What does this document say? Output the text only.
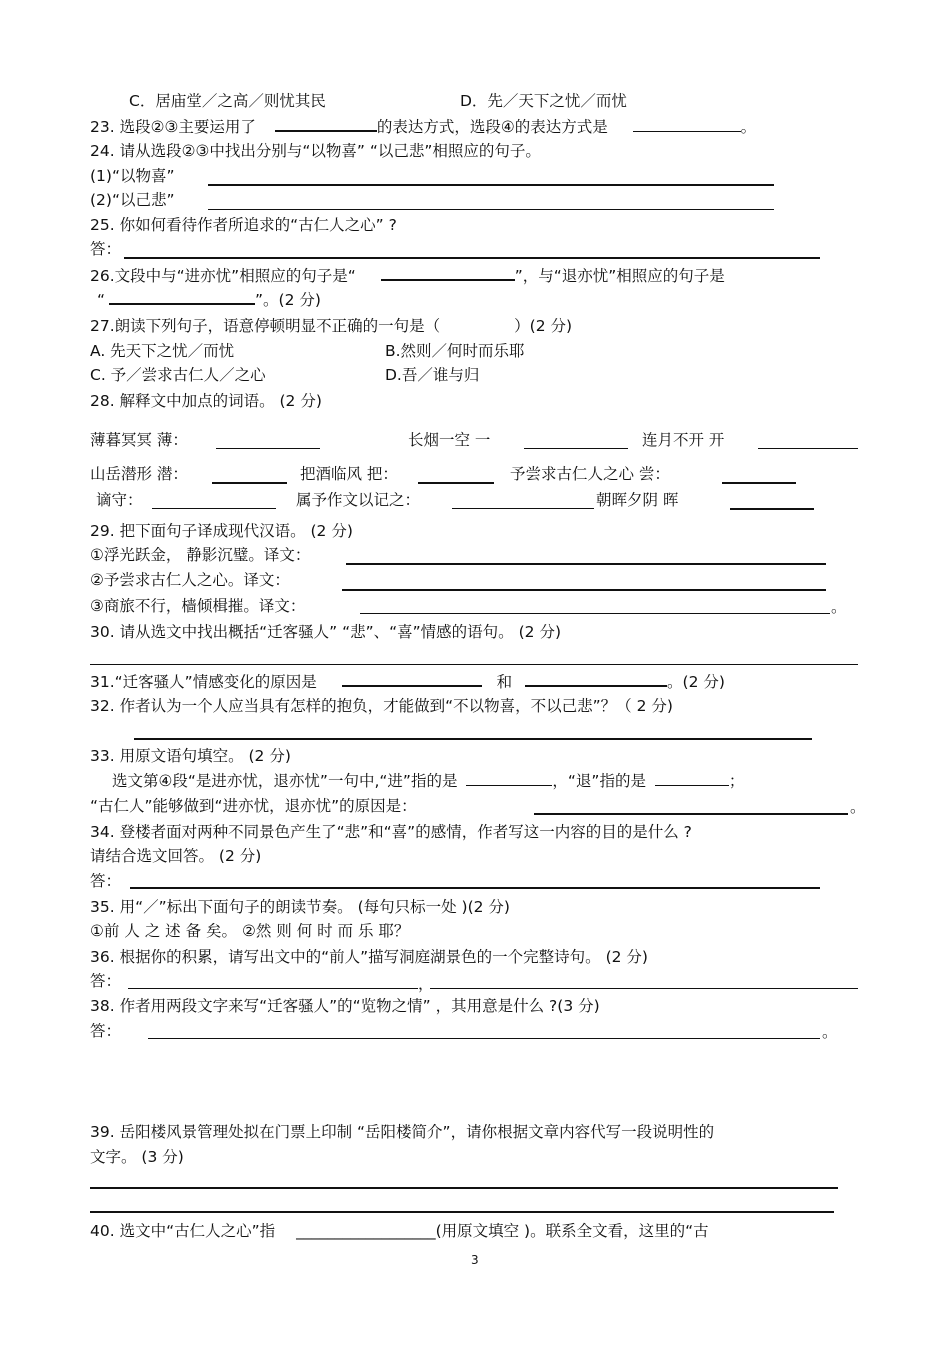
C．居庙堂／之高／则忧其民	D．先／天下之忧／而忧
23. 选段②③主要运用了	的表达方式，选段④的表达方式是	。
24. 请从选段②③中找出分别与“以物喜” “以己悲”相照应的句子。
(1)“以物喜”
(2)“以己悲”
25. 你如何看待作者所追求的“古仁人之心” ?
答：
26.文段中与“进亦忧”相照应的句子是“	”，与“退亦忧”相照应的句子是
“	”。(2 分)
27.朗读下列句子，语意停顿明显不正确的一句是（	）(2 分)
A. 先天下之忧／而忧	B.然则／何时而乐耶
C. 予／尝求古仁人／之心	D.吾／谁与归
28. 解释文中加点的词语。 (2 分)
薄暮冥冥 薄：	长烟一空 一	连月不开 开
山岳潜形 潜：	把酒临风 把：	予尝求古仁人之心 尝：
谪守：	属予作文以记之：	朝晖夕阴 晖
29. 把下面句子译成现代汉语。 (2 分)
①浮光跃金， 静影沉璧。译文：
②予尝求古仁人之心。译文：
③商旅不行，樯倾楫摧。译文：	。
30. 请从选文中找出概括“迁客骚人” “悲”、“喜”情感的语句。 (2 分)
31.“迁客骚人”情感变化的原因是	和	。(2 分)
32. 作者认为一个人应当具有怎样的抱负，才能做到“不以物喜，不以己悲”？（ 2 分)
33. 用原文语句填空。 (2 分)
选文第④段“是进亦忧，退亦忧”一句中,“进”指的是	，“退”指的是	；
“古仁人”能够做到“进亦忧，退亦忧”的原因是：	。
34. 登楼者面对两种不同景色产生了“悲”和“喜”的感情，作者写这一内容的目的是什么 ?
请结合选文回答。 (2 分)
答：
35. 用“／”标出下面句子的朗读节奏。 (每句只标一处 )(2 分)
①前 人 之 述 备 矣。 ②然 则 何 时 而 乐 耶？
36. 根据你的积累，请写出文中的“前人”描写洞庭湖景色的一个完整诗句。 (2 分)
答：	，
38. 作者用两段文字来写“迁客骚人”的“览物之情” ，其用意是什么 ?(3 分)
答：	。
39. 岳阳楼风景管理处拟在门票上印制 “岳阳楼简介”，请你根据文章内容代写一段说明性的
文字。 (3 分)
40. 选文中“古仁人之心”指 __________________(用原文填空 )。联系全文看，这里的“古
3
